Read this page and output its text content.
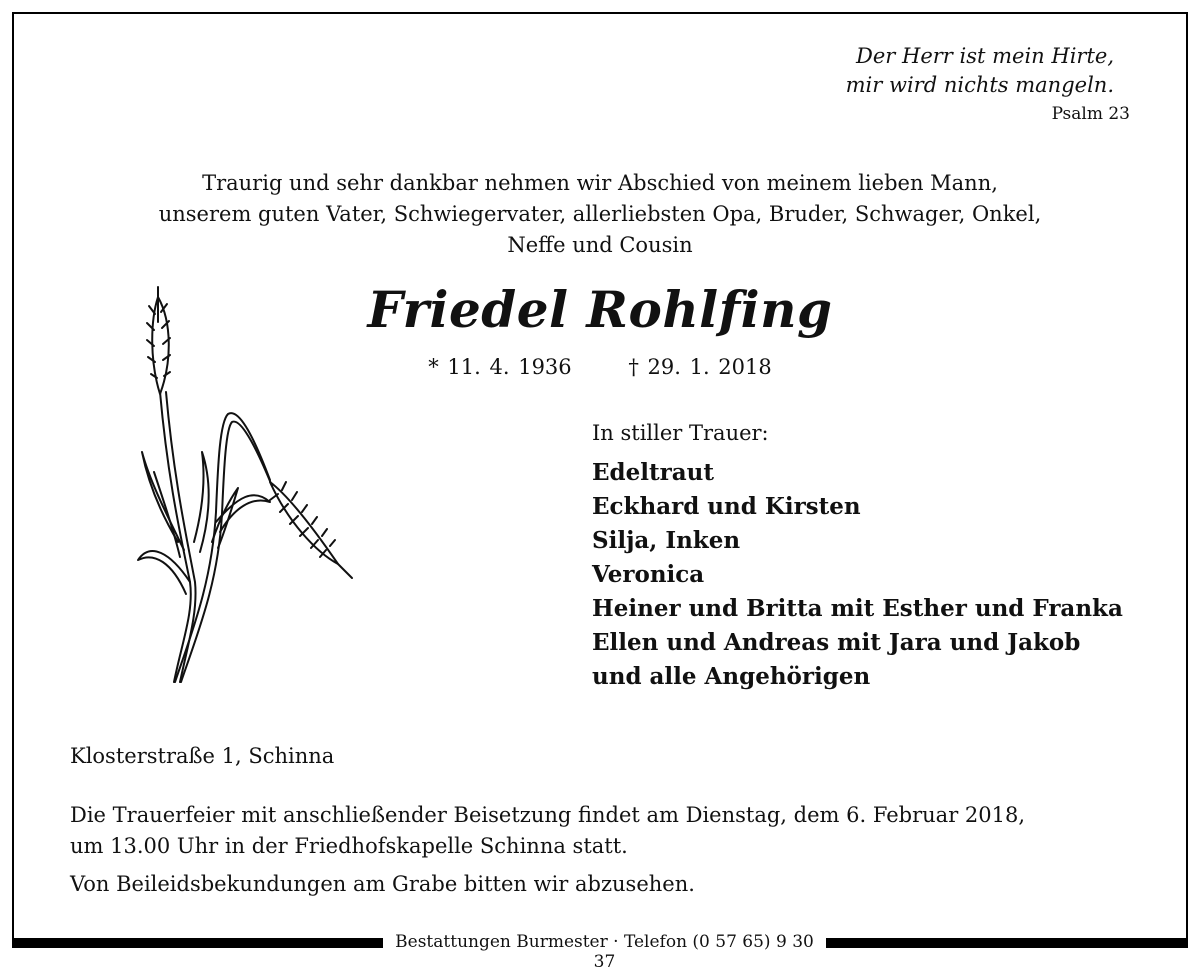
Der Herr ist mein Hirte,
mir wird nichts mangeln.
Psalm 23
Traurig und sehr dankbar nehmen wir Abschied von meinem lieben Mann,
unserem guten Vater, Schwiegervater, allerliebsten Opa, Bruder, Schwager, Onkel,
Neffe und Cousin
Friedel Rohlfing
* 11. 4. 1936	† 29. 1. 2018
In stiller Trauer:
Edeltraut
Eckhard und Kirsten
Silja, Inken
Veronica
Heiner und Britta mit Esther und Franka
Ellen und Andreas mit Jara und Jakob
und alle Angehörigen
Klosterstraße 1, Schinna
Die Trauerfeier mit anschließender Beisetzung findet am Dienstag, dem 6. Februar 2018,
um 13.00 Uhr in der Friedhofskapelle Schinna statt.
Von Beileidsbekundungen am Grabe bitten wir abzusehen.
Bestattungen Burmester · Telefon (0 57 65) 9 30 37
